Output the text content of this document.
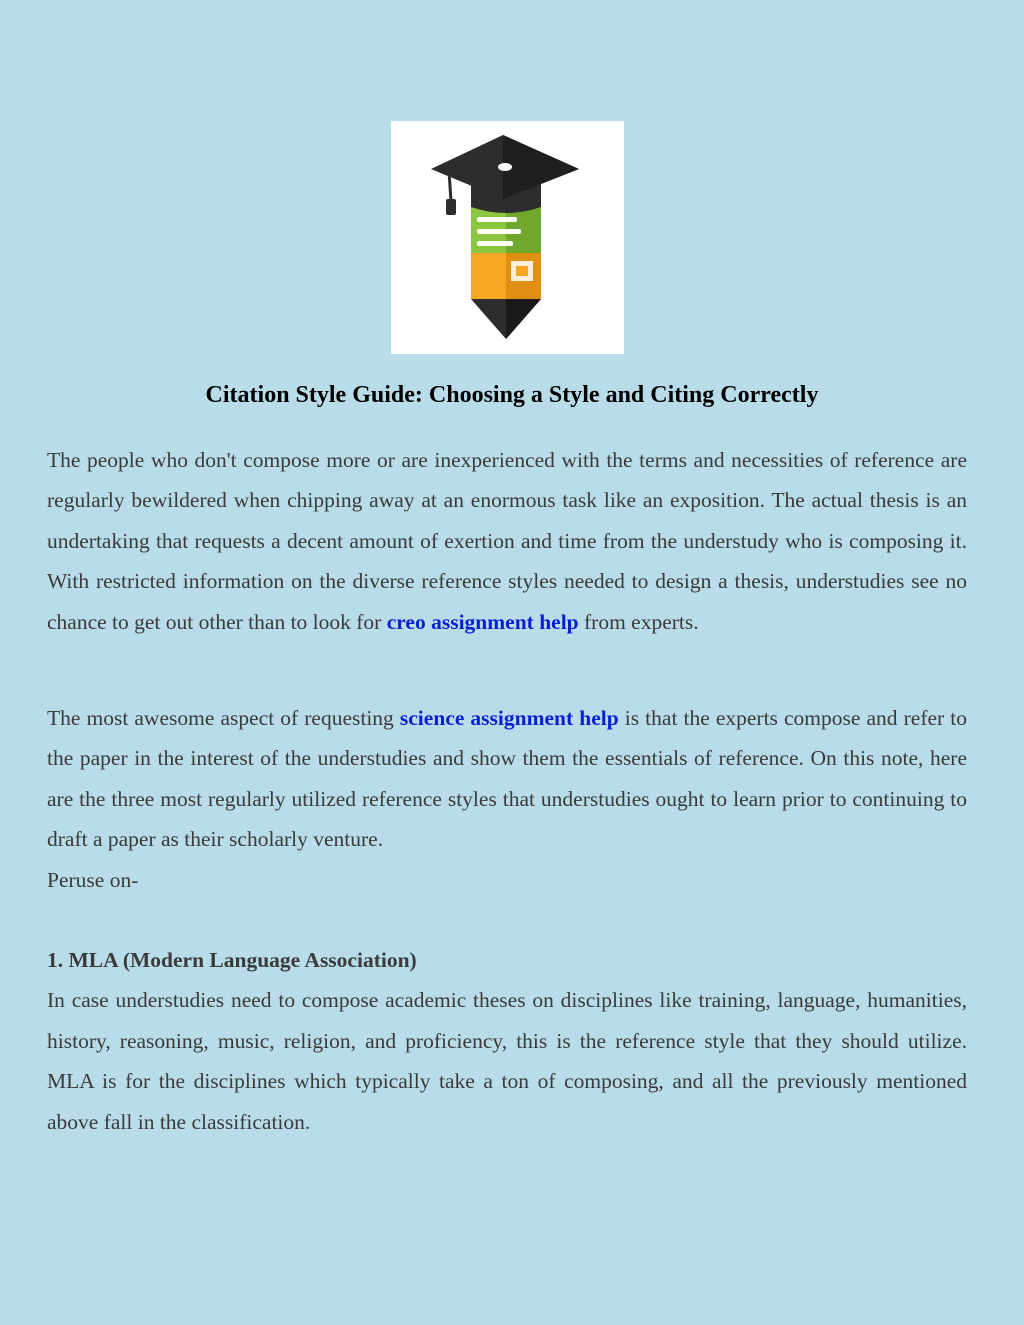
Citation Style Guide: Choosing a Style and Citing Correctly

The people who don't compose more or are inexperienced with the terms and necessities of reference are regularly bewildered when chipping away at an enormous task like an exposition. The actual thesis is an undertaking that requests a decent amount of exertion and time from the understudy who is composing it. With restricted information on the diverse reference styles needed to design a thesis, understudies see no chance to get out other than to look for creo assignment help from experts.

The most awesome aspect of requesting science assignment help is that the experts compose and refer to the paper in the interest of the understudies and show them the essentials of reference. On this note, here are the three most regularly utilized reference styles that understudies ought to learn prior to continuing to draft a paper as their scholarly venture.

Peruse on-

1. MLA (Modern Language Association)

In case understudies need to compose academic theses on disciplines like training, language, humanities, history, reasoning, music, religion, and proficiency, this is the reference style that they should utilize. MLA is for the disciplines which typically take a ton of composing, and all the previously mentioned above fall in the classification.
